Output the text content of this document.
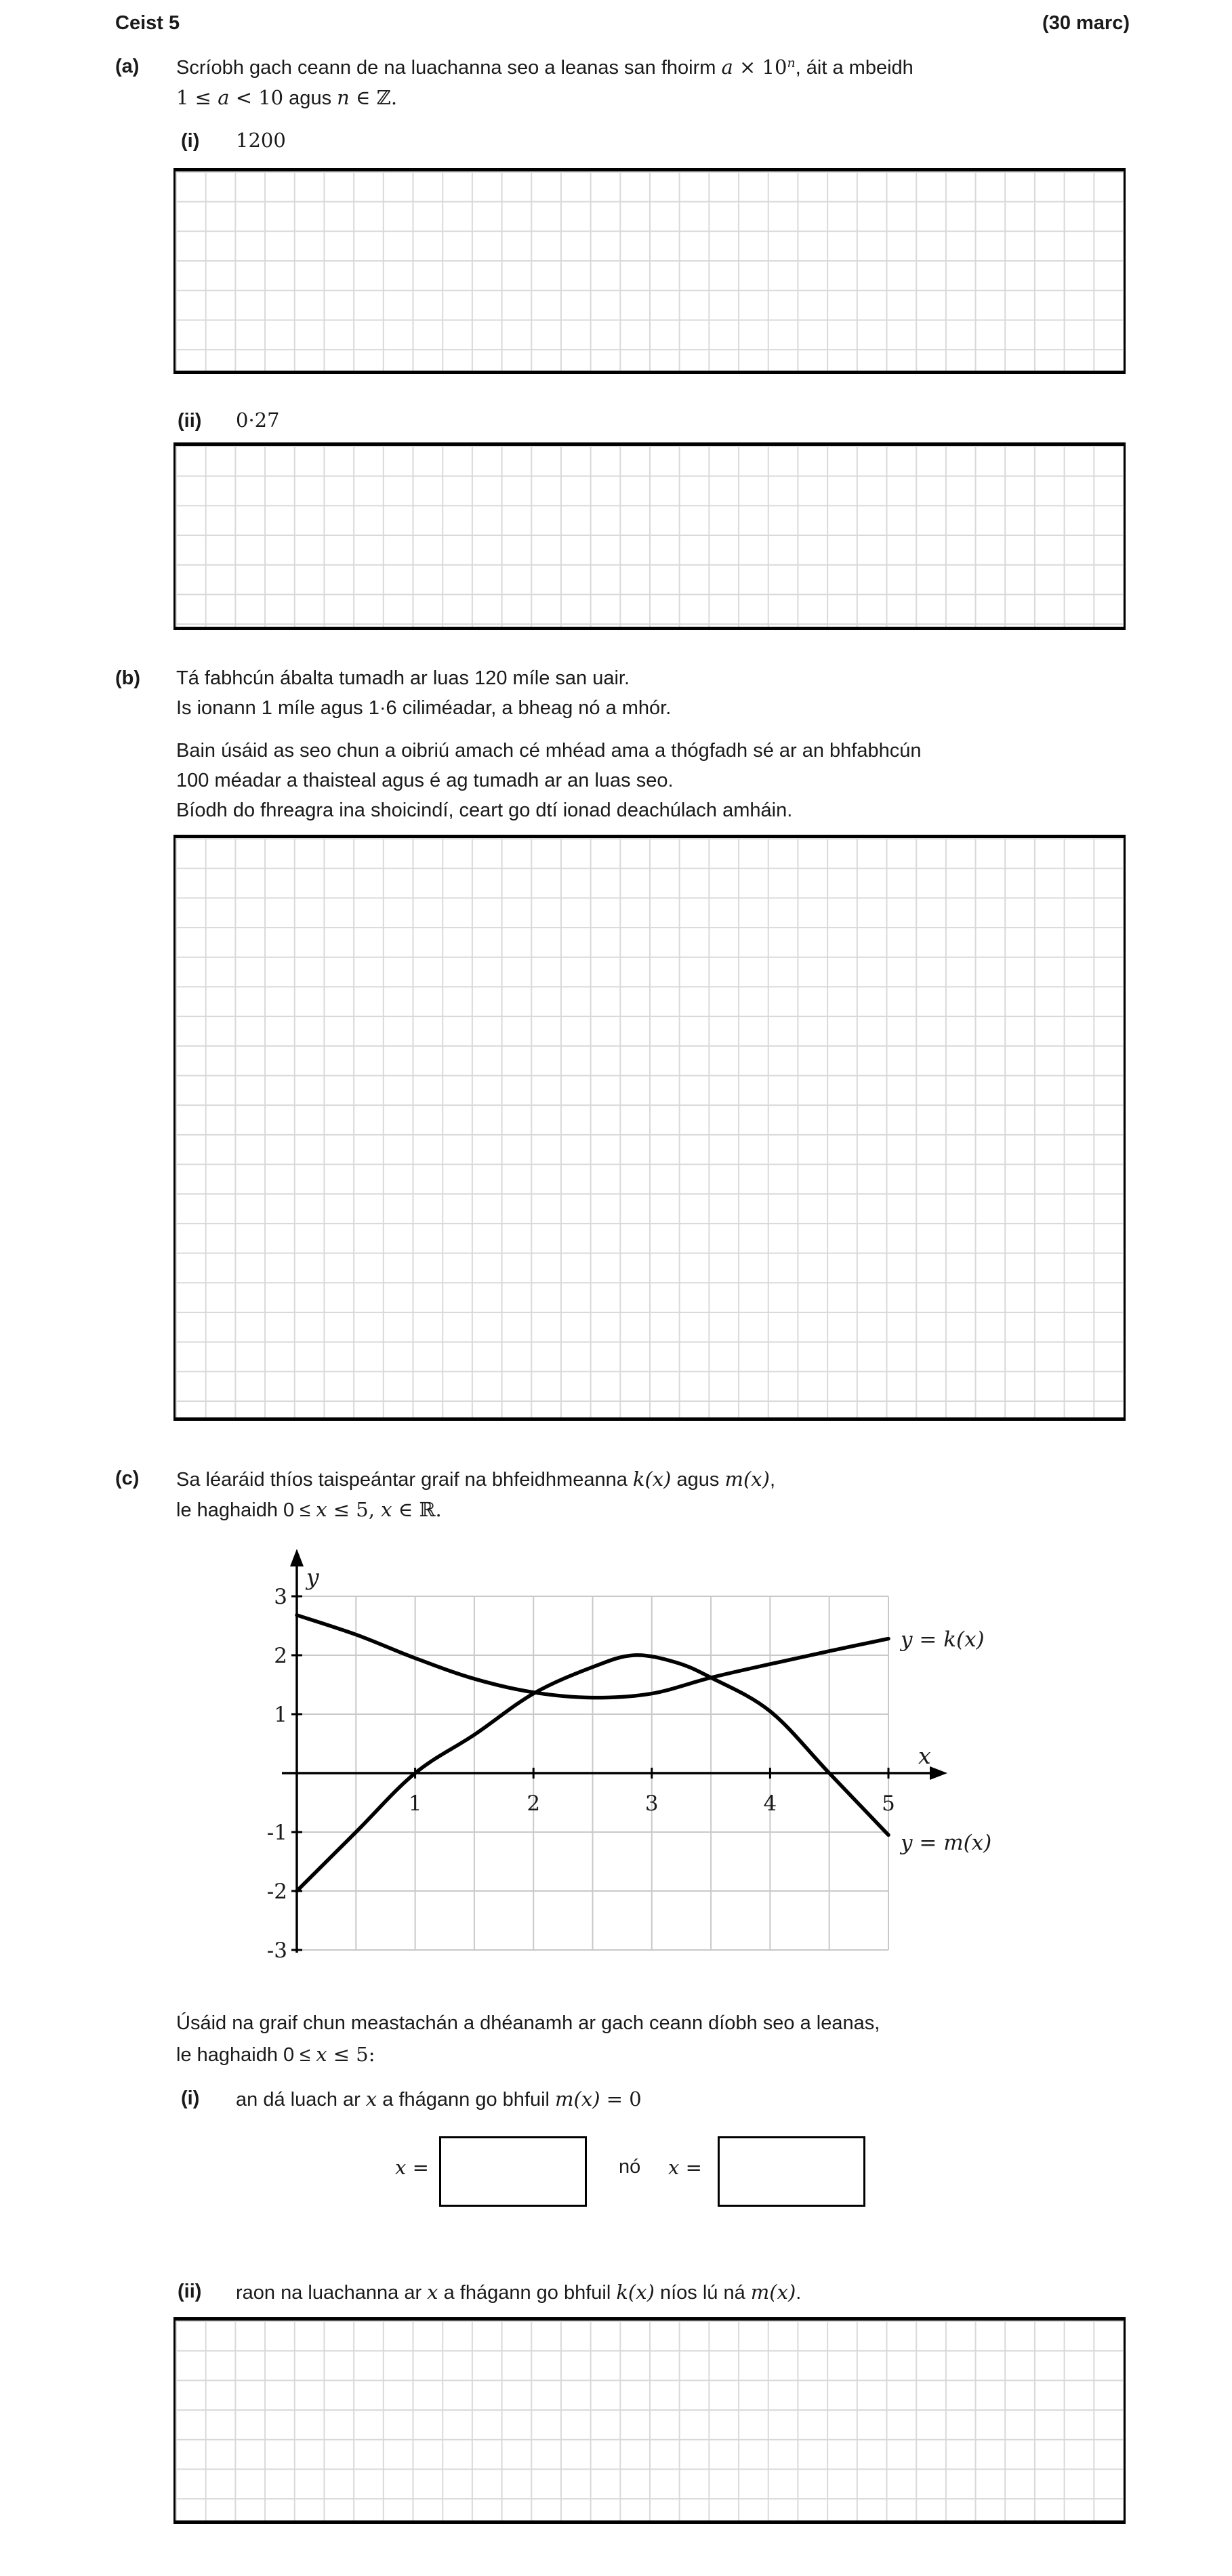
Ceist 5	(30 marc)
(a) Scríobh gach ceann de na luachanna seo a leanas san fhoirm $a \times 10^n$, áit a mbeidh
1 ≤ a < 10 agus n ∈ ℤ.
(i) 1200
(ii) 0·27
(b) Tá fabhcún ábalta tumadh ar luas 120 míle san uair.
Is ionann 1 míle agus 1·6 ciliméadar, a bheag nó a mhór.
Bain úsáid as seo chun a oibriú amach cé mhéad ama a thógfadh sé ar an bhfabhcún
100 méadar a thaisteal agus é ag tumadh ar an luas seo.
Bíodh do fhreagra ina shoicindí, ceart go dtí ionad deachúlach amháin.
(c) Sa léaráid thíos taispeántar graif na bhfeidhmeanna k(x) agus m(x),
le haghaidh 0 ≤ x ≤ 5, x ∈ ℝ.
1	2	3	4	5
3
2
1
-1
-2
-3
y
x
y = k(x)
y = m(x)
Úsáid na graif chun meastachán a dhéanamh ar gach ceann díobh seo a leanas,
le haghaidh 0 ≤ x ≤ 5:
(i) an dá luach ar x a fhágann go bhfuil m(x) = 0
x =	nó x =
(ii) raon na luachanna ar x a fhágann go bhfuil k(x) níos lú ná m(x).
